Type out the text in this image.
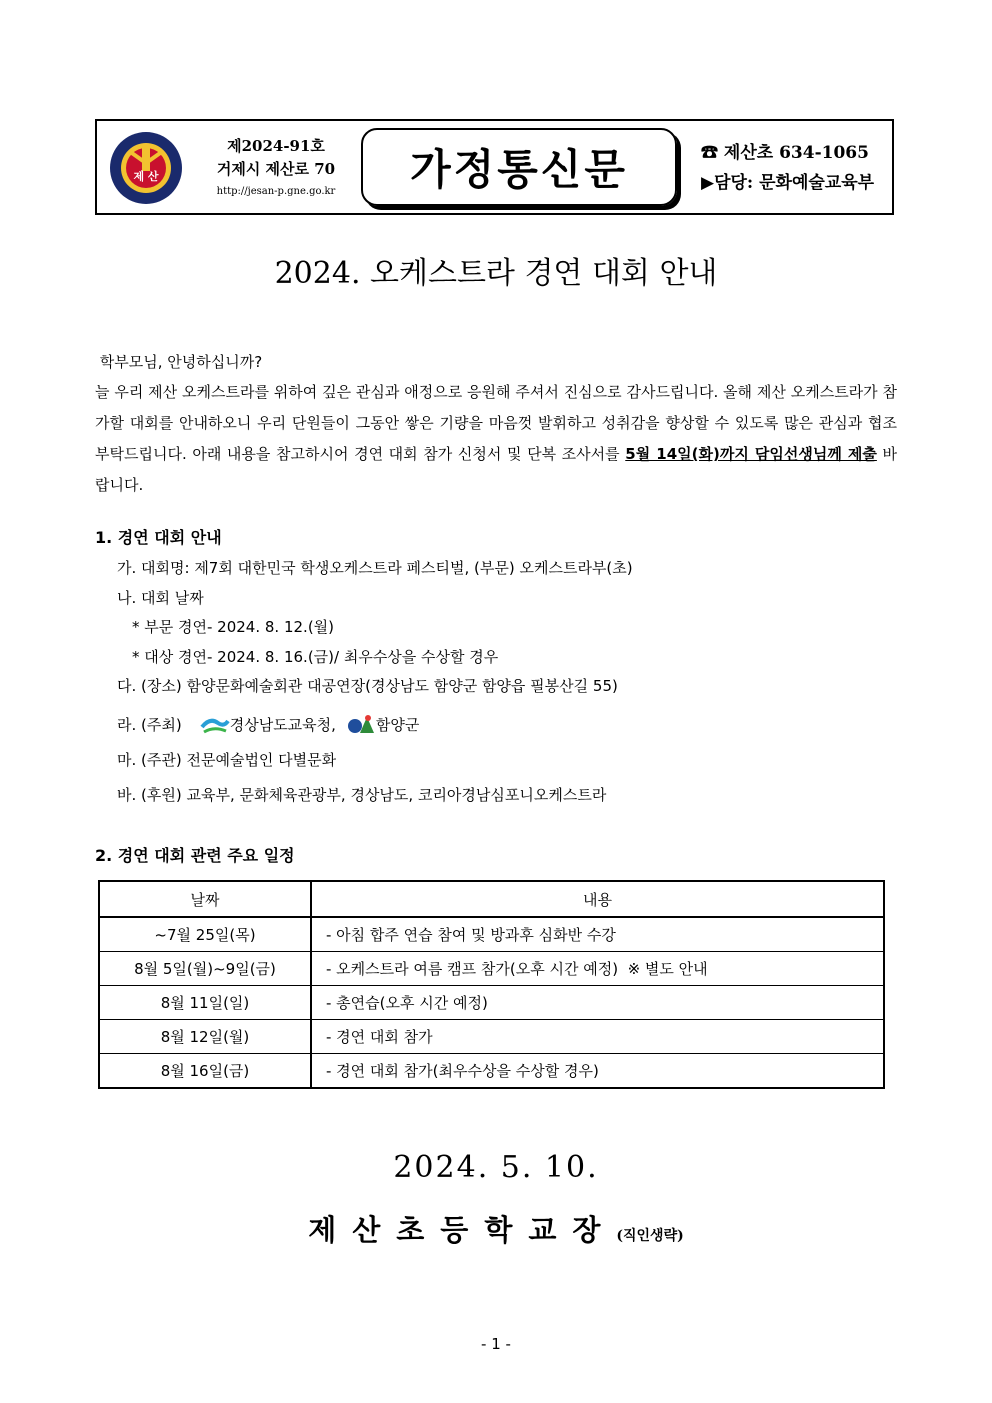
제 산
제2024-91호
거제시 제산로 70
http://jesan-p.gne.go.kr	가정통신문	☎ 제산초 634-1065
▶담당: 문화예술교육부
2024. 오케스트라 경연 대회 안내
학부모님, 안녕하십니까?
늘 우리 제산 오케스트라를 위하여 깊은 관심과 애정으로 응원해 주셔서 진심으로 감사드립니다. 올해 제산 오케스트라가 참가할 대회를 안내하오니 우리 단원들이 그동안 쌓은 기량을 마음껏 발휘하고 성취감을 향상할 수 있도록 많은 관심과 협조 부탁드립니다. 아래 내용을 참고하시어 경연 대회 참가 신청서 및 단복 조사서를 5월 14일(화)까지 담임선생님께 제출 바랍니다.
1. 경연 대회 안내
가. 대회명: 제7회 대한민국 학생오케스트라 페스티벌, (부문) 오케스트라부(초)
나. 대회 날짜
* 부문 경연- 2024. 8. 12.(월)
* 대상 경연- 2024. 8. 16.(금)/ 최우수상을 수상할 경우
다. (장소) 함양문화예술회관 대공연장(경상남도 함양군 함양읍 필봉산길 55)
라. (주최)	경상남도교육청,	함양군
마. (주관) 전문예술법인 다별문화
바. (후원) 교육부, 문화체육관광부, 경상남도, 코리아경남심포니오케스트라
2. 경연 대회 관련 주요 일정
날짜	내용
~7월 25일(목)	- 아침 합주 연습 참여 및 방과후 심화반 수강
8월 5일(월)~9일(금)	- 오케스트라 여름 캠프 참가(오후 시간 예정)  ※ 별도 안내
8월 11일(일)	- 총연습(오후 시간 예정)
8월 12일(월)	- 경연 대회 참가
8월 16일(금)	- 경연 대회 참가(최우수상을 수상할 경우)
2024. 5. 10.
제산초등학교장(직인생략)
- 1 -
